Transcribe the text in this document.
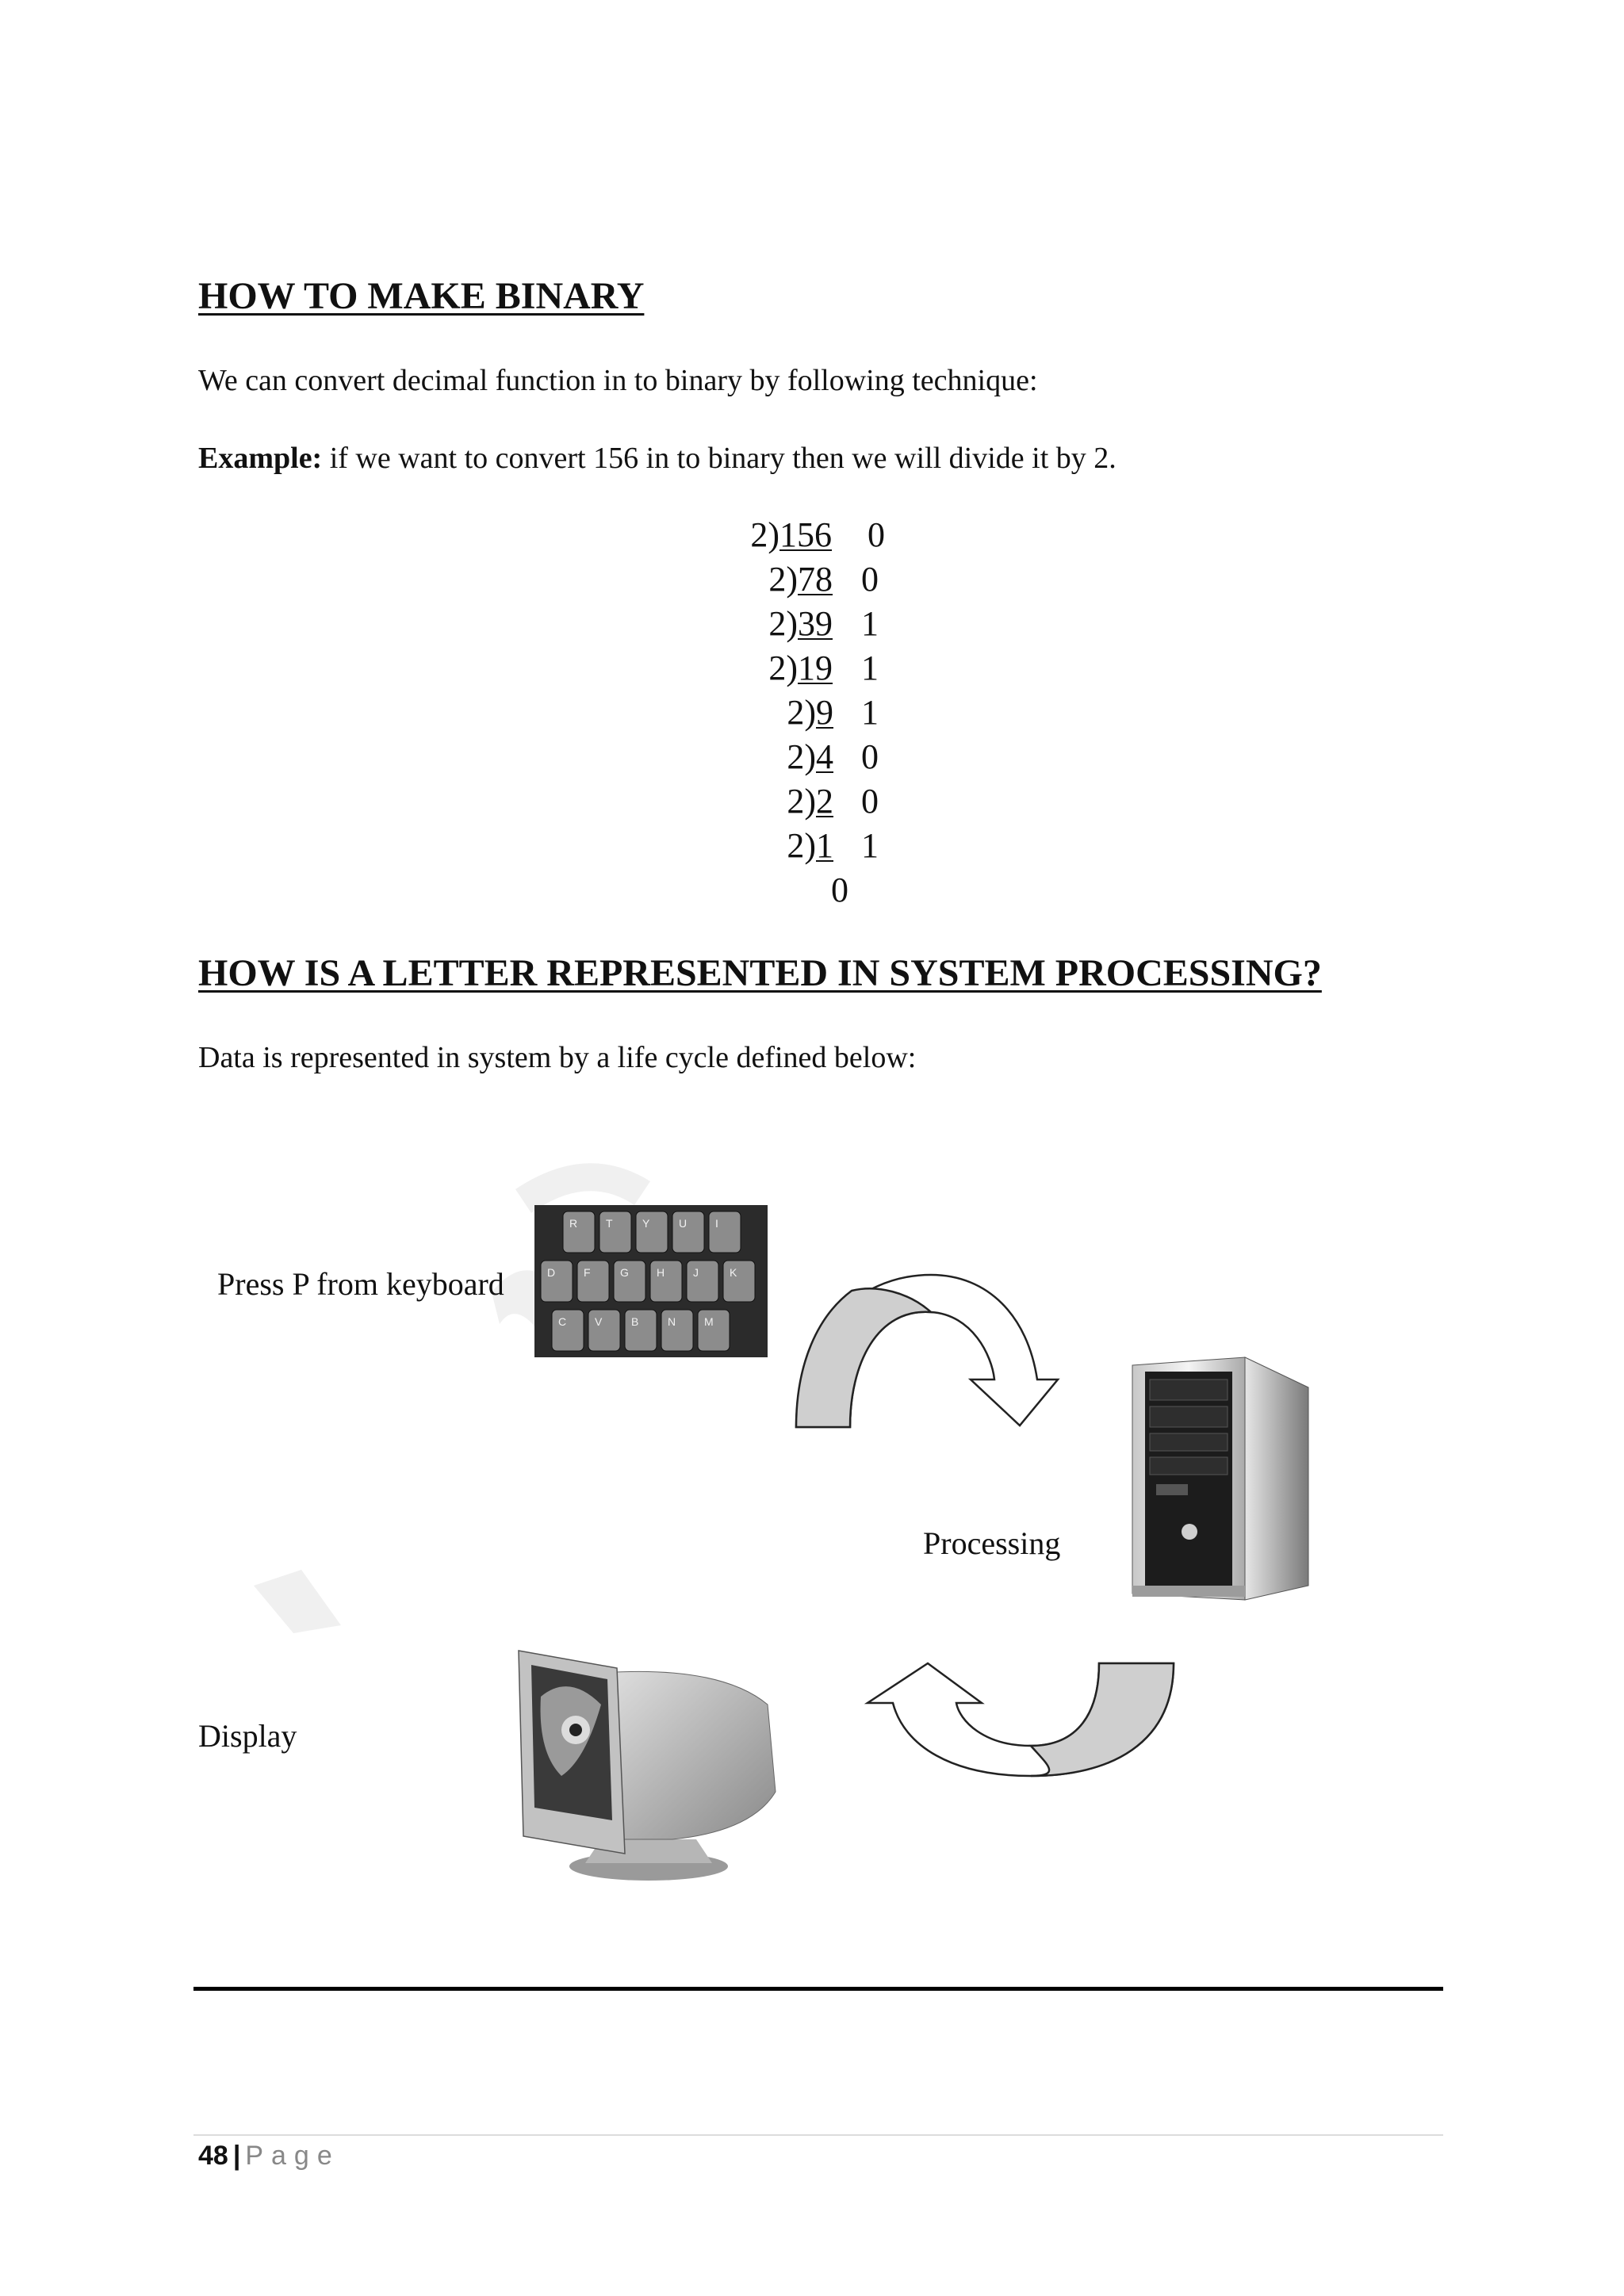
HOW TO MAKE BINARY
We can convert decimal function in to binary by following technique:
Example: if we want to convert 156 in to binary then we will divide it by 2.
2) 156 0
2) 78 0
2) 39 1
2) 19 1
2) 9 1
2) 4 0
2) 2 0
2) 1 1
0
HOW IS A LETTER REPRESENTED IN SYSTEM PROCESSING?
Data is represented in system by a life cycle defined below:
R	T	Y	U	I
D	F	G	H	J	K
C	V	B	N	M
Press P from keyboard
Processing
Display
48 | Page
